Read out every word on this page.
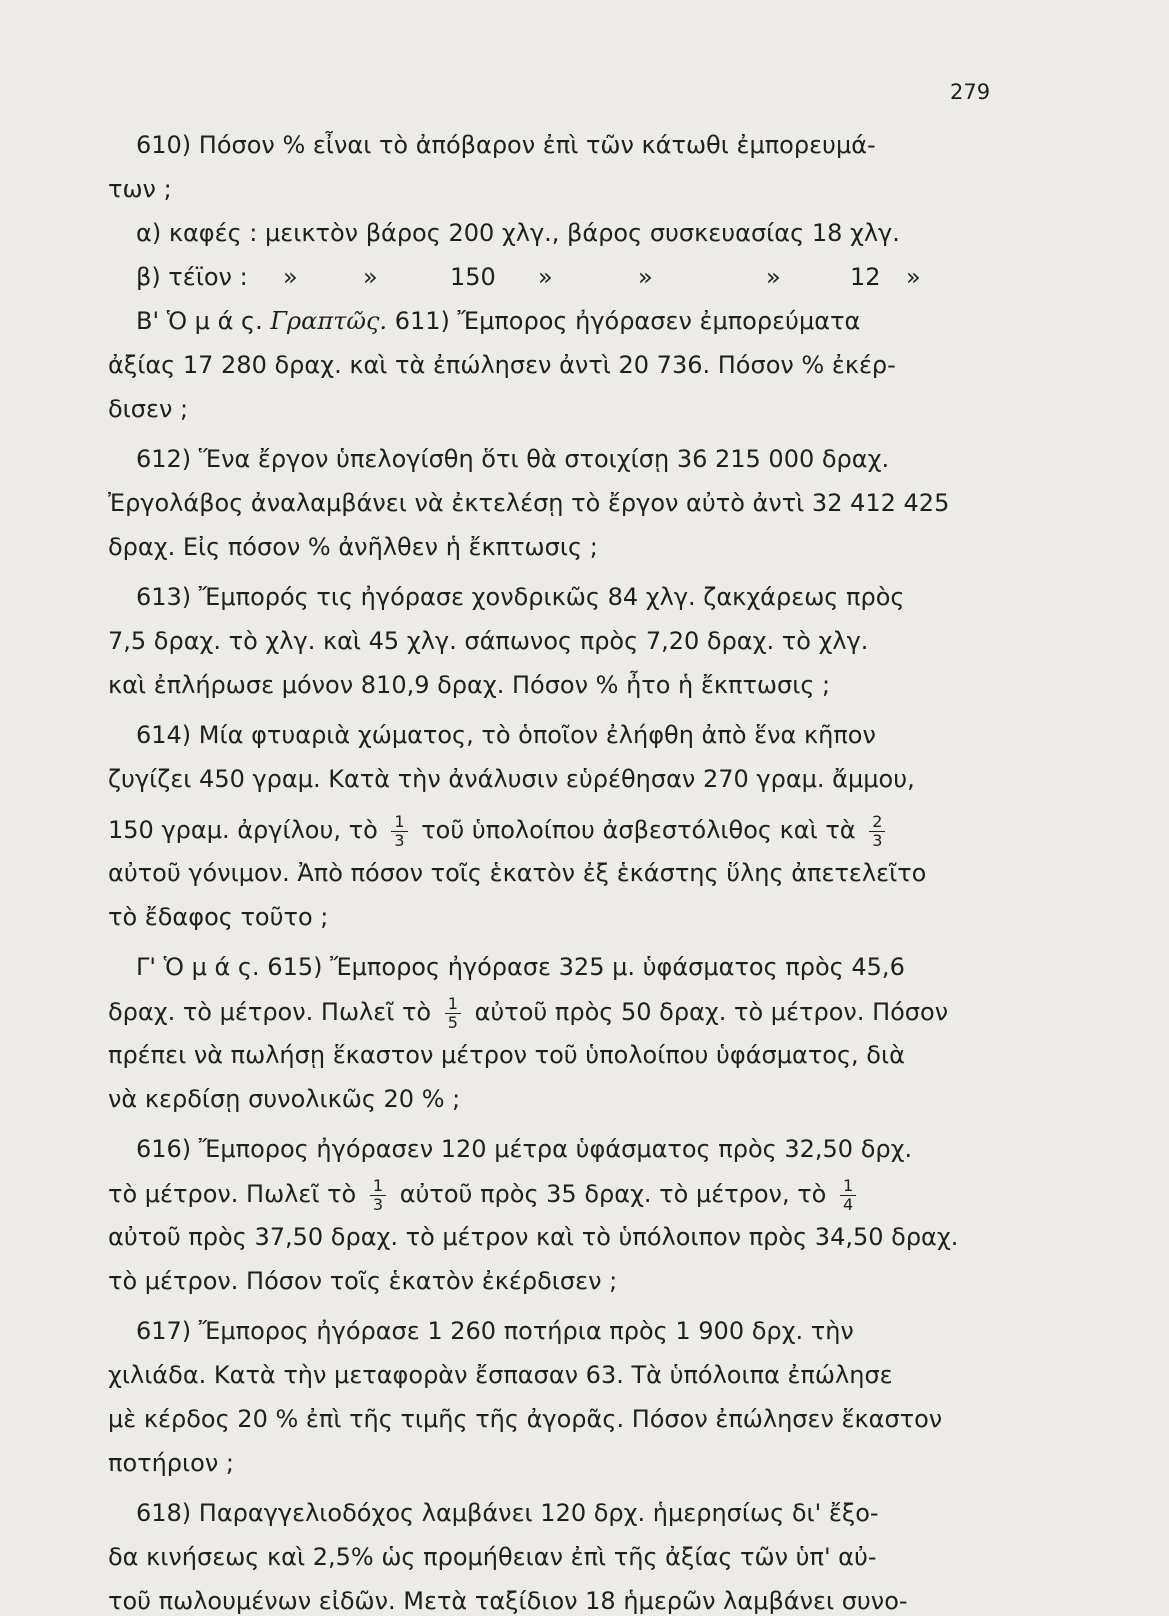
279
610) Πόσον % εἶναι τὸ ἀπόβαρον ἐπὶ τῶν κάτωθι ἐμπορευμά-
των ;
α) καφές : μεικτὸν βάρος 200 χλγ., βάρος συσκευασίας 18 χλγ.
β) τέϊον : »	»	150 »	»	»	12 »
Β' Ὁ μ ά ς. Γραπτῶς. 611) Ἔμπορος ἠγόρασεν ἐμπορεύματα
ἀξίας 17 280 δραχ. καὶ τὰ ἐπώλησεν ἀντὶ 20 736. Πόσον % ἐκέρ-
δισεν ;
612) Ἕνα ἔργον ὑπελογίσθη ὅτι θὰ στοιχίσῃ 36 215 000 δραχ.
Ἐργολάβος ἀναλαμβάνει νὰ ἐκτελέσῃ τὸ ἔργον αὐτὸ ἀντὶ 32 412 425
δραχ. Εἰς πόσον % ἀνῆλθεν ἡ ἔκπτωσις ;
613) Ἔμπορός τις ἠγόρασε χονδρικῶς 84 χλγ. ζακχάρεως πρὸς
7,5 δραχ. τὸ χλγ. καὶ 45 χλγ. σάπωνος πρὸς 7,20 δραχ. τὸ χλγ.
καὶ ἐπλήρωσε μόνον 810,9 δραχ. Πόσον % ἦτο ἡ ἔκπτωσις ;
614) Μία φτυαριὰ χώματος, τὸ ὁποῖον ἐλήφθη ἀπὸ ἕνα κῆπον
ζυγίζει 450 γραμ. Κατὰ τὴν ἀνάλυσιν εὑρέθησαν 270 γραμ. ἄμμου,
150 γραμ. ἀργίλου, τὸ $\frac{1}{3}$ τοῦ ὑπολοίπου ἀσβεστόλιθος καὶ τὰ $\frac{2}{3}$
αὐτοῦ γόνιμον. Ἀπὸ πόσον τοῖς ἑκατὸν ἐξ ἑκάστης ὕλης ἀπετελεῖτο
τὸ ἔδαφος τοῦτο ;
Γ' Ὁ μ ά ς. 615) Ἔμπορος ἠγόρασε 325 μ. ὑφάσματος πρὸς 45,6
δραχ. τὸ μέτρον. Πωλεῖ τὸ $\frac{1}{5}$ αὐτοῦ πρὸς 50 δραχ. τὸ μέτρον. Πόσον
πρέπει νὰ πωλήσῃ ἕκαστον μέτρον τοῦ ὑπολοίπου ὑφάσματος, διὰ
νὰ κερδίσῃ συνολικῶς 20 % ;
616) Ἔμπορος ἠγόρασεν 120 μέτρα ὑφάσματος πρὸς 32,50 δρχ.
τὸ μέτρον. Πωλεῖ τὸ $\frac{1}{3}$ αὐτοῦ πρὸς 35 δραχ. τὸ μέτρον, τὸ $\frac{1}{4}$
αὐτοῦ πρὸς 37,50 δραχ. τὸ μέτρον καὶ τὸ ὑπόλοιπον πρὸς 34,50 δραχ.
τὸ μέτρον. Πόσον τοῖς ἑκατὸν ἐκέρδισεν ;
617) Ἔμπορος ἠγόρασε 1 260 ποτήρια πρὸς 1 900 δρχ. τὴν
χιλιάδα. Κατὰ τὴν μεταφορὰν ἔσπασαν 63. Τὰ ὑπόλοιπα ἐπώλησε
μὲ κέρδος 20 % ἐπὶ τῆς τιμῆς τῆς ἀγορᾶς. Πόσον ἐπώλησεν ἕκαστον
ποτήριον ;
618) Παραγγελιοδόχος λαμβάνει 120 δρχ. ἡμερησίως δι' ἔξο-
δα κινήσεως καὶ 2,5% ὡς προμήθειαν ἐπὶ τῆς ἀξίας τῶν ὑπ' αὐ-
τοῦ πωλουμένων εἰδῶν. Μετὰ ταξίδιον 18 ἡμερῶν λαμβάνει συνο-
